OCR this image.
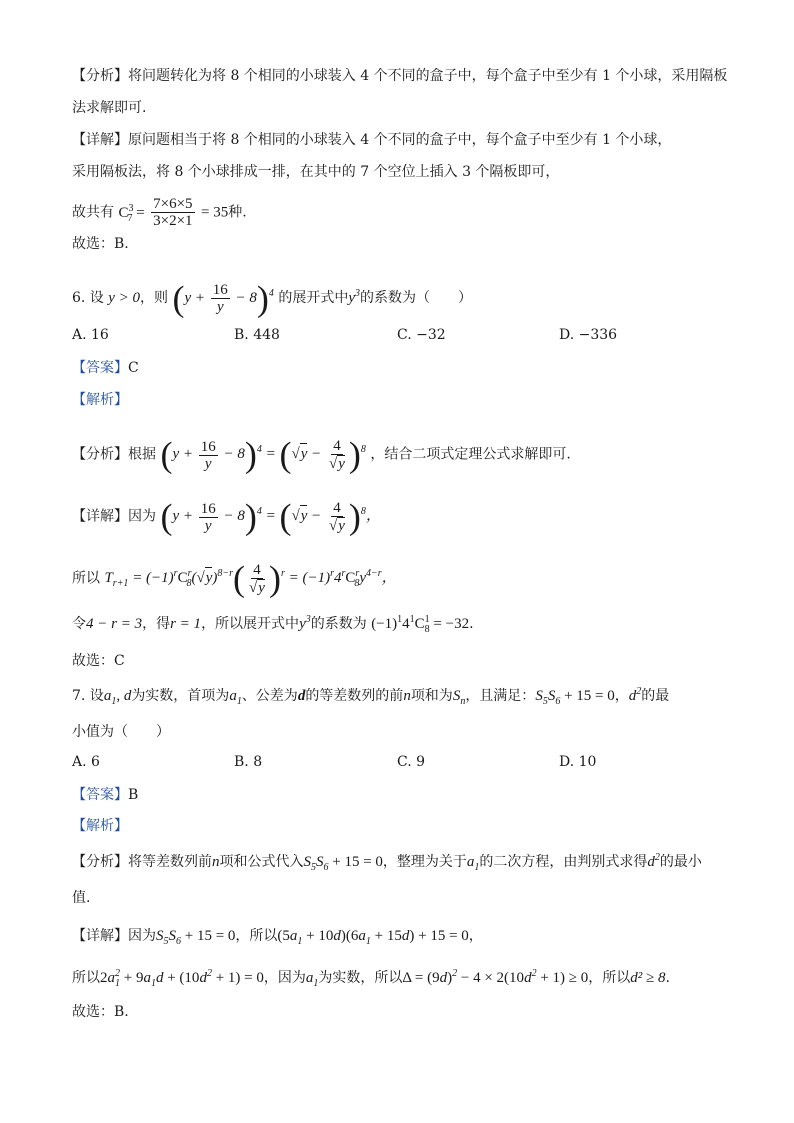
【分析】将问题转化为将 8 个相同的小球装入 4 个不同的盒子中，每个盒子中至少有 1 个小球，采用隔板
法求解即可.
【详解】原问题相当于将 8 个相同的小球装入 4 个不同的盒子中，每个盒子中至少有 1 个小球，
采用隔板法，将 8 个小球排成一排，在其中的 7 个空位上插入 3 个隔板即可，
故共有 $C^3_7 = \frac{7\times 6\times 5}{3\times 2\times 1} = 35$种.
故选：B.
6. 设 y > 0，则 $(y + \frac{16}{y} - 8)^4$ 的展开式中$y^3$的系数为（　　）
A. 16	B. 448	C. −32	D. −336
【答案】C
【解析】
【分析】根据 $(y + \frac{16}{y} - 8)^4 = (√y - \frac{4}{√y} )^8$ ，结合二项式定理公式求解即可.
【详解】因为 $(y + \frac{16}{y} - 8)^4 = (√y - \frac{4}{√y} )^8$，
所以 $T_{r+1} = (-1)^rC^r_8(√y)^{8-r}( \frac{4}{√y} )^r = (-1)^r4^rC^r_8y^{4-r}$，
令4 − r = 3，得r = 1，所以展开式中$y^3$的系数为 $(-1)^14^1C^1_8 = -32$.
故选：C
7. 设$a_1$, d为实数，首项为$a_1$、公差为d的等差数列的前n项和为$S_n$，且满足：$S_5S_6 + 15 = 0$，$d^2$的最
小值为（　　）
A. 6	B. 8	C. 9	D. 10
【答案】B
【解析】
【分析】将等差数列前n项和公式代入$S_5S_6 + 15 = 0$，整理为关于$a_1$的二次方程，由判别式求得$d^2$的最小
值.
【详解】因为$S_5S_6 + 15 = 0$，所以$(5a_1 + 10d)(6a_1 + 15d) + 15 = 0$，
所以$2a_1^2 + 9a_1d + (10d^2 + 1) = 0$，因为$a_1$为实数，所以$\Delta = (9d)^2 - 4 \times 2(10d^2 + 1) \ge 0$，所以d² ≥ 8.
故选：B.
